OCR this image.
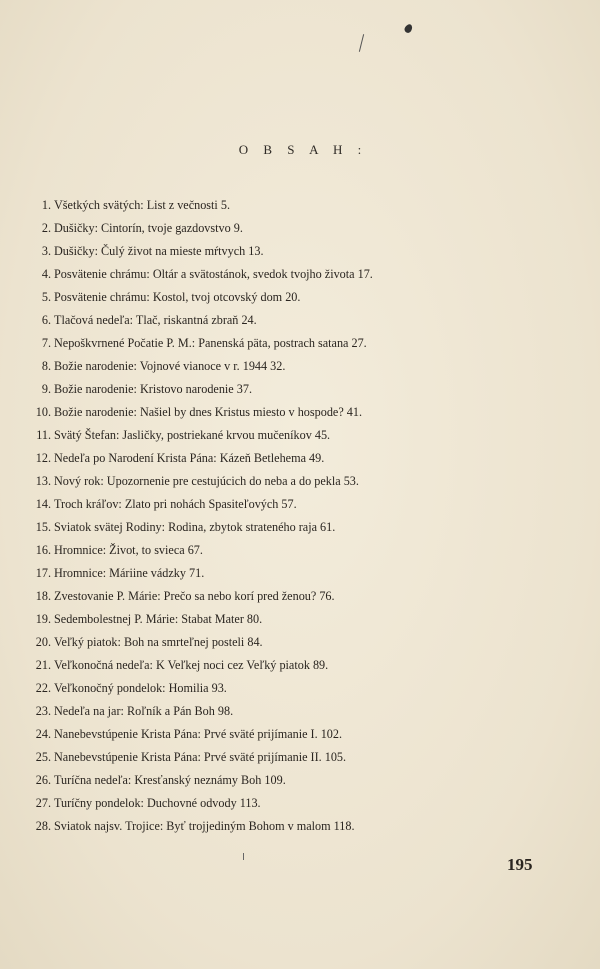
O B S A H :
1. Všetkých svätých: List z večnosti 5.
2. Dušičky: Cintorín, tvoje gazdovstvo 9.
3. Dušičky: Čulý život na mieste mŕtvych 13.
4. Posvätenie chrámu: Oltár a svätostánok, svedok tvojho života 17.
5. Posvätenie chrámu: Kostol, tvoj otcovský dom 20.
6. Tlačová nedeľa: Tlač, riskantná zbraň 24.
7. Nepoškvrnené Počatie P. M.: Panenská päta, postrach satana 27.
8. Božie narodenie: Vojnové vianoce v r. 1944 32.
9. Božie narodenie: Kristovo narodenie 37.
10. Božie narodenie: Našiel by dnes Kristus miesto v hospode? 41.
11. Svätý Štefan: Jasličky, postriekané krvou mučeníkov 45.
12. Nedeľa po Narodení Krista Pána: Kázeň Betlehema 49.
13. Nový rok: Upozornenie pre cestujúcich do neba a do pekla 53.
14. Troch kráľov: Zlato pri nohách Spasiteľových 57.
15. Sviatok svätej Rodiny: Rodina, zbytok strateného raja 61.
16. Hromnice: Život, to svieca 67.
17. Hromnice: Máriine vádzky 71.
18. Zvestovanie P. Márie: Prečo sa nebo korí pred ženou? 76.
19. Sedembolestnej P. Márie: Stabat Mater 80.
20. Veľký piatok: Boh na smrteľnej posteli 84.
21. Veľkonočná nedeľa: K Veľkej noci cez Veľký piatok 89.
22. Veľkonočný pondelok: Homilia 93.
23. Nedeľa na jar: Roľník a Pán Boh 98.
24. Nanebevstúpenie Krista Pána: Prvé sväté prijímanie I. 102.
25. Nanebevstúpenie Krista Pána: Prvé sväté prijímanie II. 105.
26. Turíčna nedeľa: Kresťanský neznámy Boh 109.
27. Turíčny pondelok: Duchovné odvody 113.
28. Sviatok najsv. Trojice: Byť trojjediným Bohom v malom 118.
195
